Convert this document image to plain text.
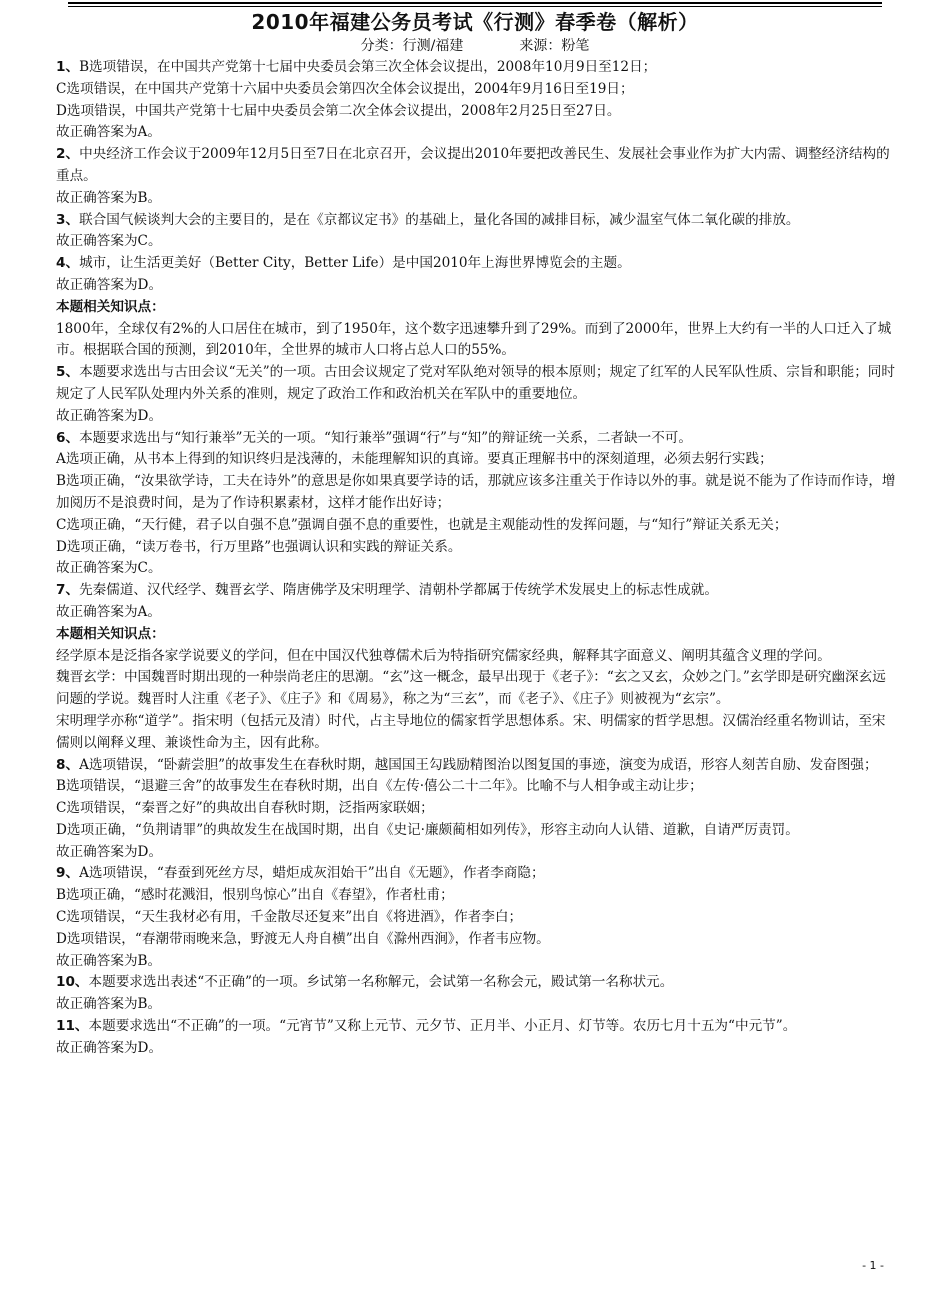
2010年福建公务员考试《行测》春季卷（解析）
分类：行测/福建	来源：粉笔

1、B选项错误，在中国共产党第十七届中央委员会第三次全体会议提出，2008年10月9日至12日；

C选项错误，在中国共产党第十六届中央委员会第四次全体会议提出，2004年9月16日至19日；

D选项错误，中国共产党第十七届中央委员会第二次全体会议提出，2008年2月25日至27日。

故正确答案为A。

2、中央经济工作会议于2009年12月5日至7日在北京召开，会议提出2010年要把改善民生、发展社会事业作为扩大内需、调整经济结构的重点。

故正确答案为B。

3、联合国气候谈判大会的主要目的，是在《京都议定书》的基础上，量化各国的减排目标，减少温室气体二氧化碳的排放。

故正确答案为C。

4、城市，让生活更美好（Better City，Better Life）是中国2010年上海世界博览会的主题。

故正确答案为D。

本题相关知识点：

1800年，全球仅有2%的人口居住在城市，到了1950年，这个数字迅速攀升到了29%。而到了2000年，世界上大约有一半的人口迁入了城市。根据联合国的预测，到2010年，全世界的城市人口将占总人口的55%。

5、本题要求选出与古田会议“无关”的一项。古田会议规定了党对军队绝对领导的根本原则；规定了红军的人民军队性质、宗旨和职能；同时规定了人民军队处理内外关系的准则，规定了政治工作和政治机关在军队中的重要地位。

故正确答案为D。

6、本题要求选出与“知行兼举”无关的一项。“知行兼举”强调“行”与“知”的辩证统一关系，二者缺一不可。

A选项正确，从书本上得到的知识终归是浅薄的，未能理解知识的真谛。要真正理解书中的深刻道理，必须去躬行实践；

B选项正确，“汝果欲学诗，工夫在诗外”的意思是你如果真要学诗的话，那就应该多注重关于作诗以外的事。就是说不能为了作诗而作诗，增加阅历不是浪费时间，是为了作诗积累素材，这样才能作出好诗；

C选项正确，“天行健，君子以自强不息”强调自强不息的重要性，也就是主观能动性的发挥问题，与“知行”辩证关系无关；

D选项正确，“读万卷书，行万里路”也强调认识和实践的辩证关系。

故正确答案为C。

7、先秦儒道、汉代经学、魏晋玄学、隋唐佛学及宋明理学、清朝朴学都属于传统学术发展史上的标志性成就。

故正确答案为A。

本题相关知识点：

经学原本是泛指各家学说要义的学问，但在中国汉代独尊儒术后为特指研究儒家经典，解释其字面意义、阐明其蕴含义理的学问。

魏晋玄学：中国魏晋时期出现的一种崇尚老庄的思潮。“玄”这一概念，最早出现于《老子》：“玄之又玄，众妙之门。”玄学即是研究幽深玄远问题的学说。魏晋时人注重《老子》、《庄子》和《周易》，称之为“三玄”，而《老子》、《庄子》则被视为“玄宗”。

宋明理学亦称“道学”。指宋明（包括元及清）时代，占主导地位的儒家哲学思想体系。宋、明儒家的哲学思想。汉儒治经重名物训诂，至宋儒则以阐释义理、兼谈性命为主，因有此称。

8、A选项错误，“卧薪尝胆”的故事发生在春秋时期，越国国王勾践励精图治以图复国的事迹，演变为成语，形容人刻苦自励、发奋图强；

B选项错误，“退避三舍”的故事发生在春秋时期，出自《左传·僖公二十二年》。比喻不与人相争或主动让步；

C选项错误，“秦晋之好”的典故出自春秋时期，泛指两家联姻；

D选项正确，“负荆请罪”的典故发生在战国时期，出自《史记·廉颇蔺相如列传》，形容主动向人认错、道歉，自请严厉责罚。

故正确答案为D。

9、A选项错误，“春蚕到死丝方尽，蜡炬成灰泪始干”出自《无题》，作者李商隐；

B选项正确，“感时花溅泪，恨别鸟惊心”出自《春望》，作者杜甫；

C选项错误，“天生我材必有用，千金散尽还复来”出自《将进酒》，作者李白；

D选项错误，“春潮带雨晚来急，野渡无人舟自横”出自《滁州西涧》，作者韦应物。

故正确答案为B。

10、本题要求选出表述“不正确”的一项。乡试第一名称解元，会试第一名称会元，殿试第一名称状元。

故正确答案为B。

11、本题要求选出“不正确”的一项。“元宵节”又称上元节、元夕节、正月半、小正月、灯节等。农历七月十五为“中元节”。

故正确答案为D。

- 1 -
